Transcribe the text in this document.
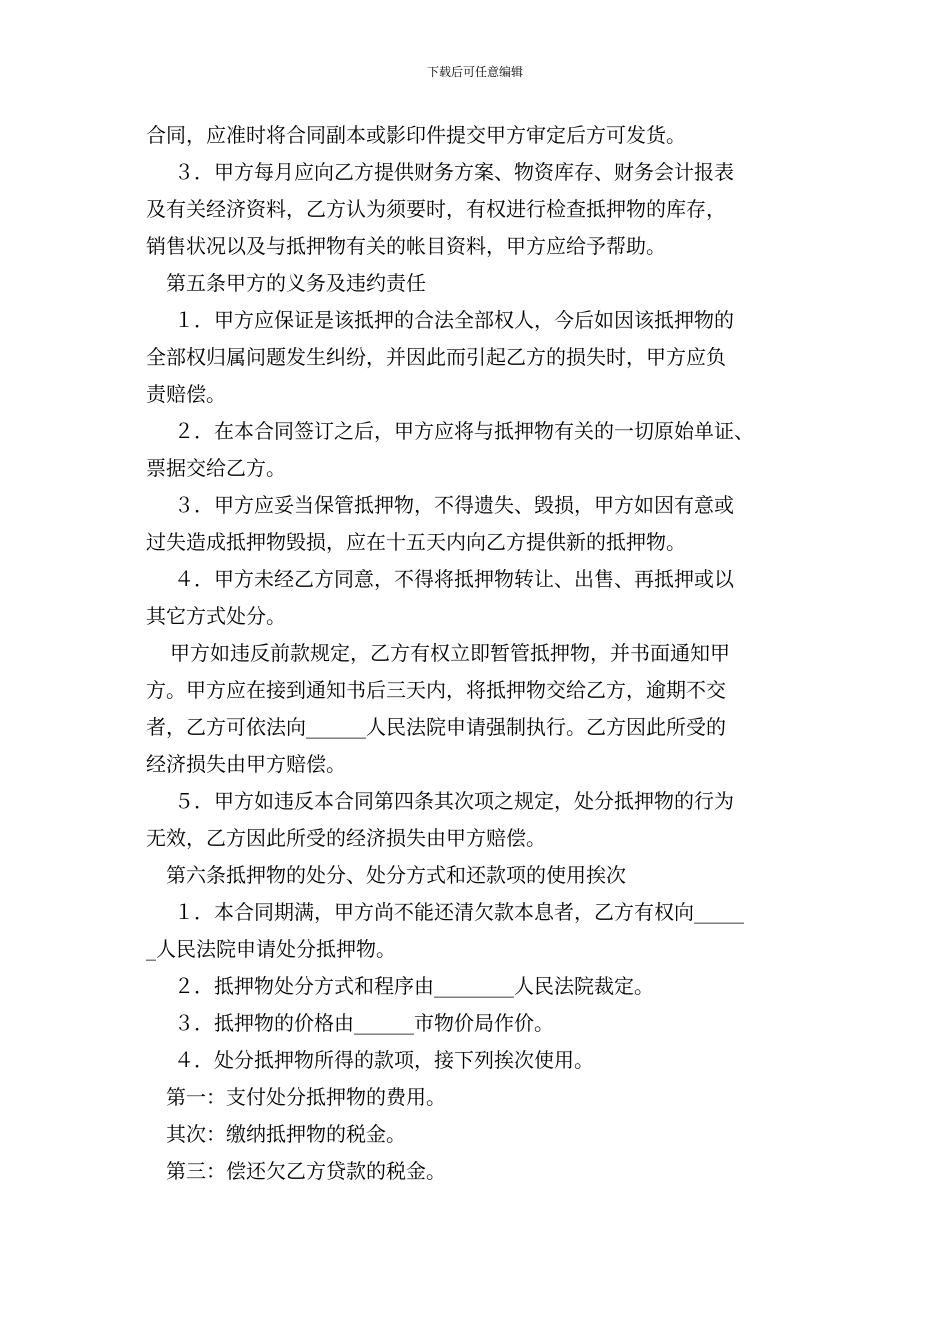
下载后可任意编辑
合同，应准时将合同副本或影印件提交甲方审定后方可发货。
３．甲方每月应向乙方提供财务方案、物资库存、财务会计报表
及有关经济资料，乙方认为须要时，有权进行检查抵押物的库存，
销售状况以及与抵押物有关的帐目资料，甲方应给予帮助。
第五条甲方的义务及违约责任
１．甲方应保证是该抵押的合法全部权人，今后如因该抵押物的
全部权归属问题发生纠纷，并因此而引起乙方的损失时，甲方应负
责赔偿。
２．在本合同签订之后，甲方应将与抵押物有关的一切原始单证、
票据交给乙方。
３．甲方应妥当保管抵押物，不得遗失、毁损，甲方如因有意或
过失造成抵押物毁损，应在十五天内向乙方提供新的抵押物。
４．甲方未经乙方同意，不得将抵押物转让、出售、再抵押或以
其它方式处分。
甲方如违反前款规定，乙方有权立即暂管抵押物，并书面通知甲
方。甲方应在接到通知书后三天内，将抵押物交给乙方，逾期不交
者，乙方可依法向______人民法院申请强制执行。乙方因此所受的
经济损失由甲方赔偿。
５．甲方如违反本合同第四条其次项之规定，处分抵押物的行为
无效，乙方因此所受的经济损失由甲方赔偿。
第六条抵押物的处分、处分方式和还款项的使用挨次
１．本合同期满，甲方尚不能还清欠款本息者，乙方有权向_____
_人民法院申请处分抵押物。
２．抵押物处分方式和程序由________人民法院裁定。
３．抵押物的价格由______市物价局作价。
４．处分抵押物所得的款项，接下列挨次使用。
第一：支付处分抵押物的费用。
其次：缴纳抵押物的税金。
第三：偿还欠乙方贷款的税金。
